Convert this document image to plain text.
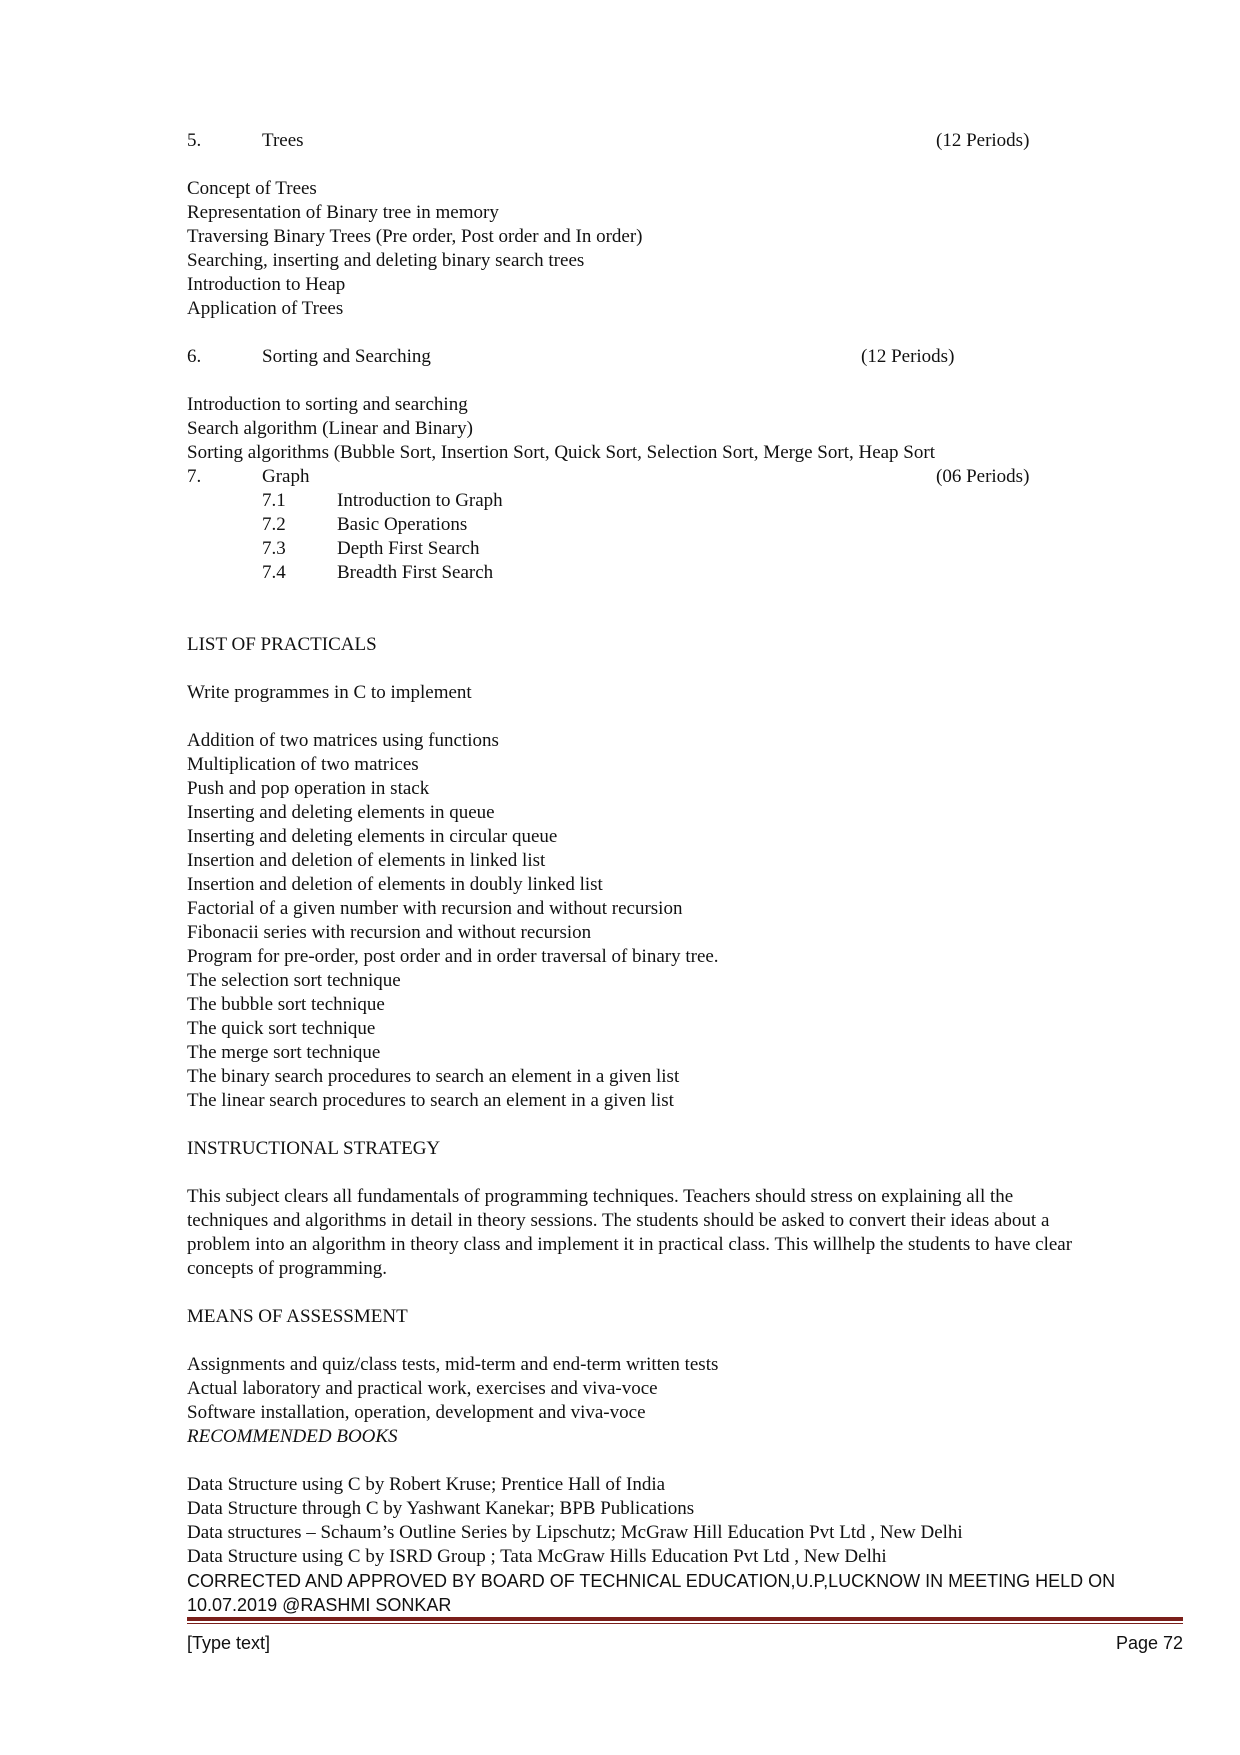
5.	Trees	(12 Periods)
Concept of Trees
Representation of Binary tree in memory
Traversing Binary Trees (Pre order, Post order and In order)
Searching, inserting and deleting binary search trees
Introduction to Heap
Application of Trees
6.	Sorting and Searching	(12 Periods)
Introduction to sorting and searching
Search algorithm (Linear and Binary)
Sorting algorithms (Bubble Sort, Insertion Sort, Quick Sort, Selection Sort, Merge Sort, Heap Sort
7.	Graph	(06 Periods)
7.1	Introduction to Graph
7.2	Basic Operations
7.3	Depth First Search
7.4	Breadth First Search
LIST OF PRACTICALS
Write programmes in C to implement
Addition of two matrices using functions
Multiplication of two matrices
Push and pop operation in stack
Inserting and deleting elements in queue
Inserting and deleting elements in circular queue
Insertion and deletion of elements in linked list
Insertion and deletion of elements in doubly linked list
Factorial of a given number with recursion and without recursion
Fibonacii series with recursion and without recursion
Program for pre-order, post order and in order traversal of binary tree.
The selection sort technique
The bubble sort technique
The quick sort technique
The merge sort technique
The binary search procedures to search an element in a given list
The linear search procedures to search an element in a given list
INSTRUCTIONAL STRATEGY
This subject clears all fundamentals of programming techniques. Teachers should stress on explaining all the
techniques and algorithms in detail in theory sessions. The students should be asked to convert their ideas about a
problem into an algorithm in theory class and implement it in practical class. This willhelp the students to have clear
concepts of programming.
MEANS OF ASSESSMENT
Assignments and quiz/class tests, mid-term and end-term written tests
Actual laboratory and practical work, exercises and viva-voce
Software installation, operation, development and viva-voce
RECOMMENDED BOOKS
Data Structure using C by Robert Kruse; Prentice Hall of India
Data Structure through C by Yashwant Kanekar; BPB Publications
Data structures – Schaum’s Outline Series by Lipschutz; McGraw Hill Education Pvt Ltd , New Delhi
Data Structure using C by ISRD Group ; Tata McGraw Hills Education Pvt Ltd , New Delhi
CORRECTED AND APPROVED BY BOARD OF TECHNICAL EDUCATION,U.P,LUCKNOW IN MEETING HELD ON
10.07.2019 @RASHMI SONKAR
[Type text]	Page 72
